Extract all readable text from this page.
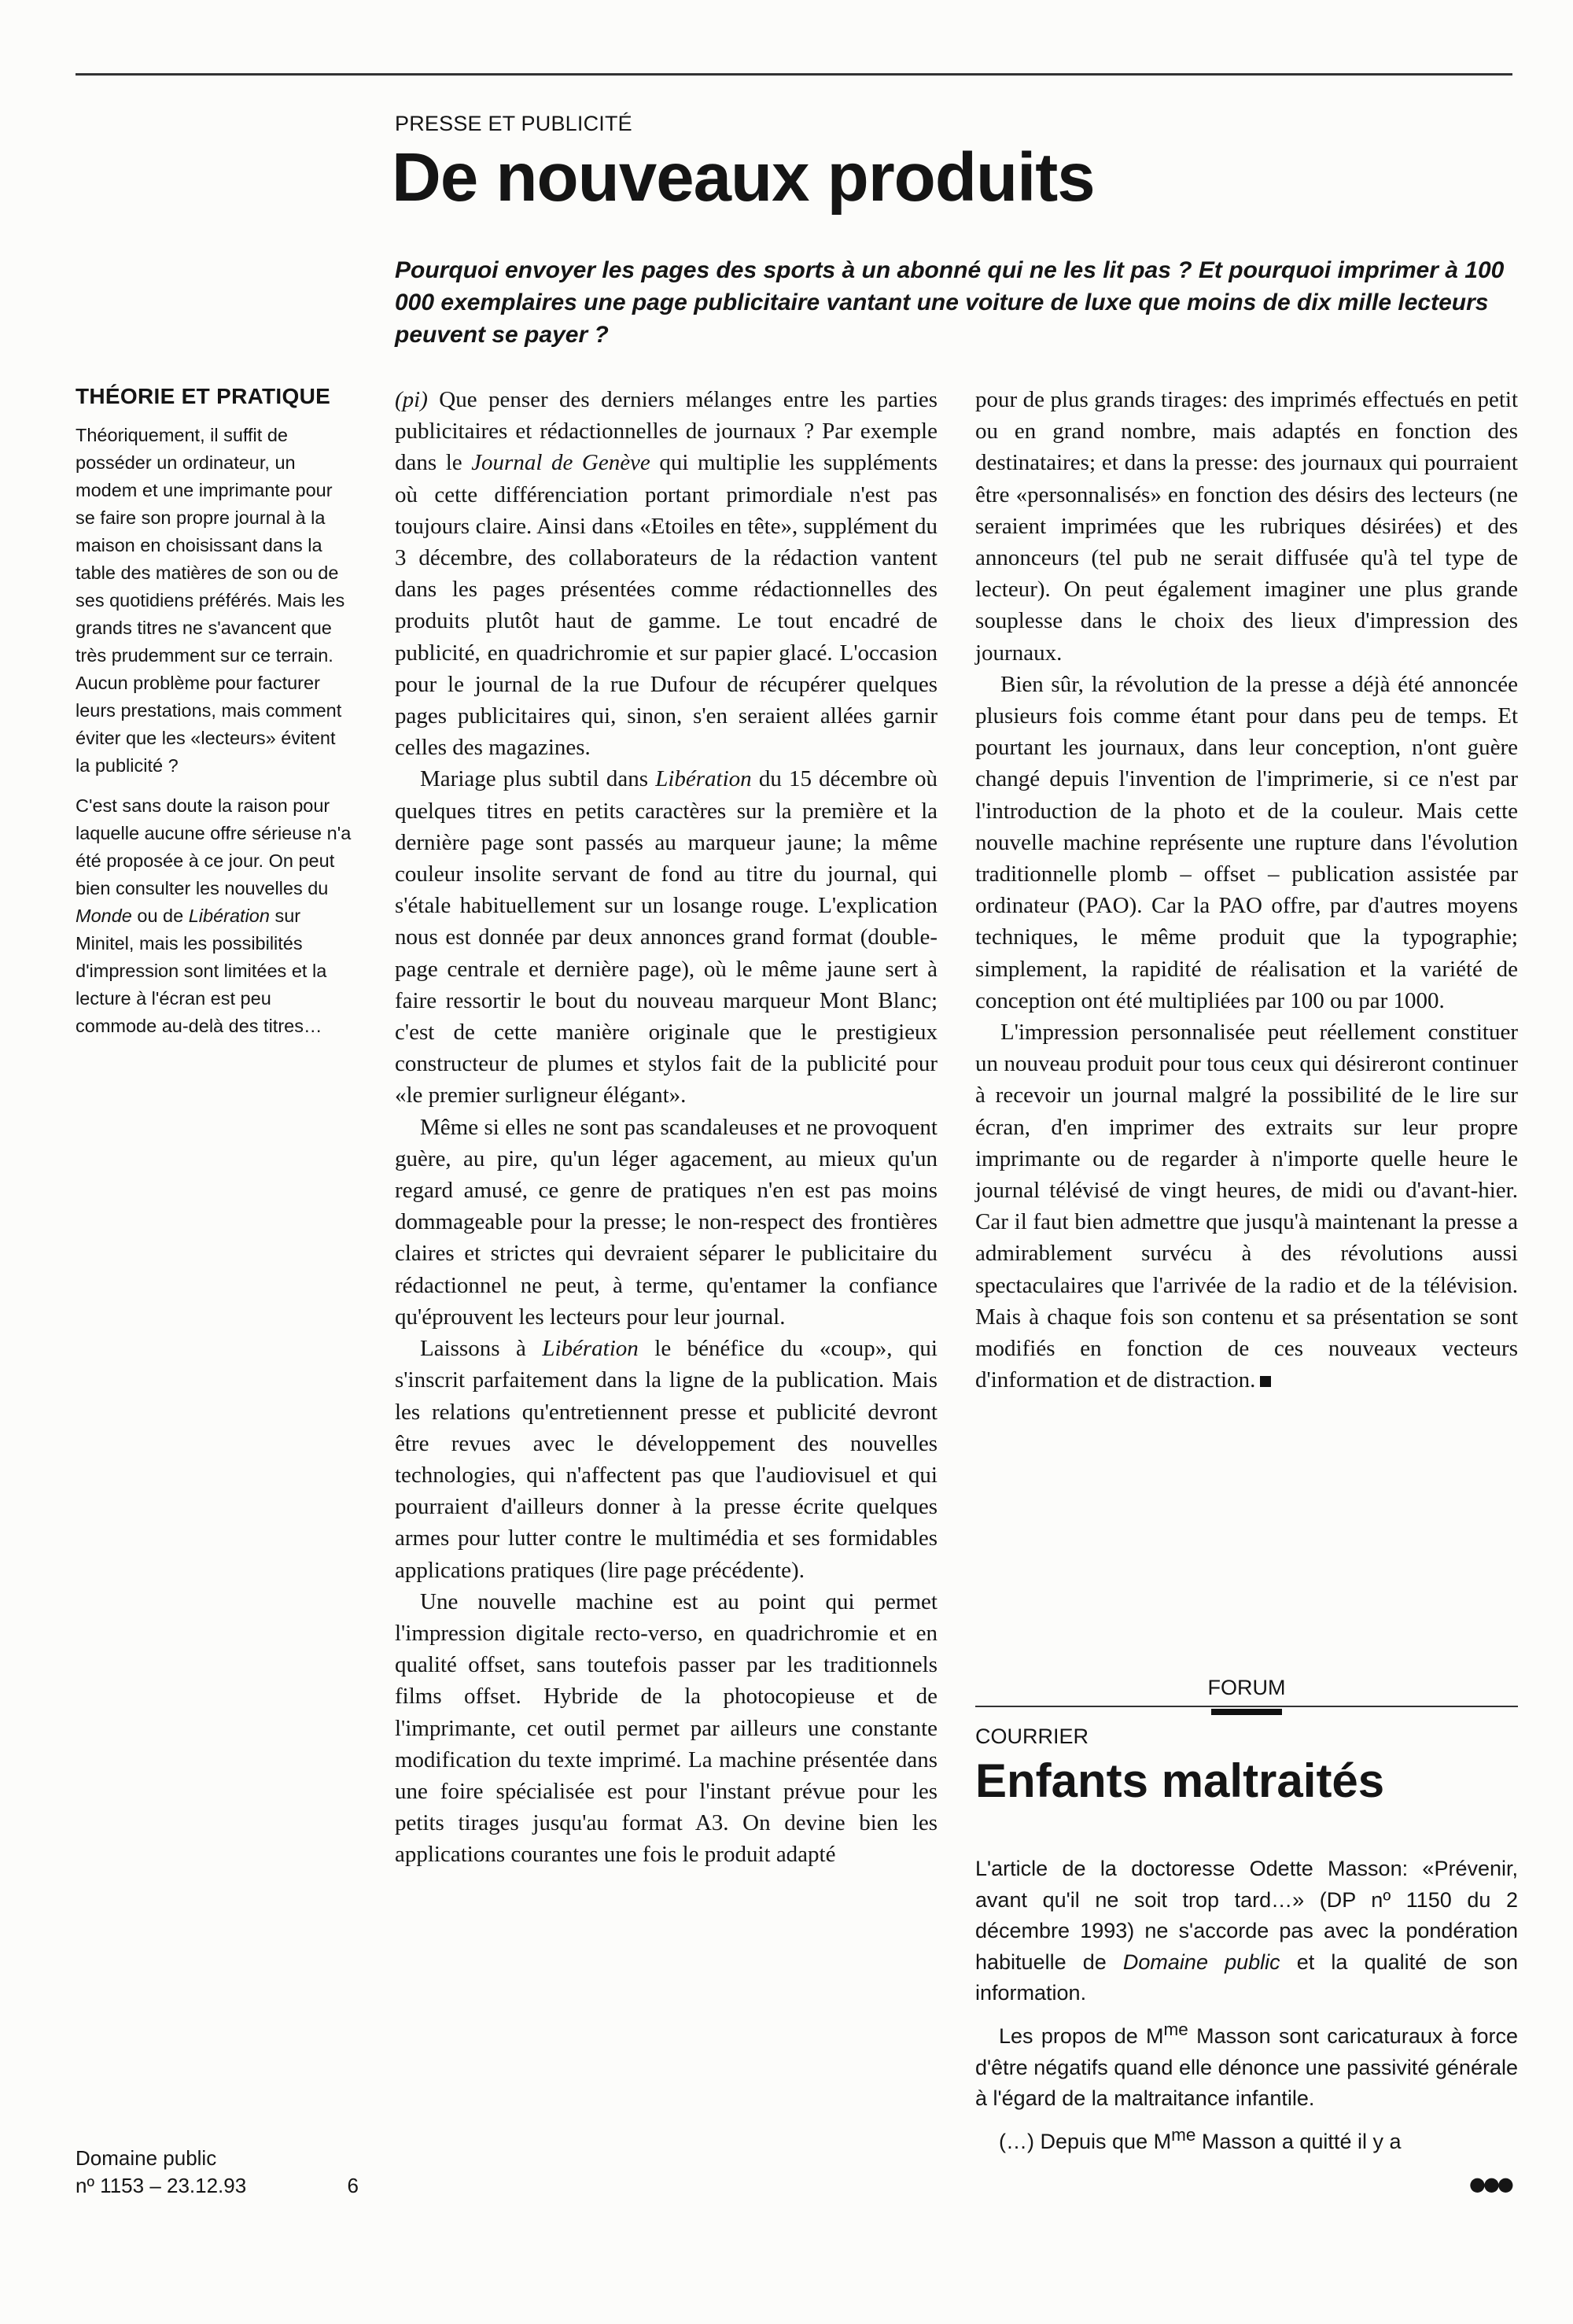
PRESSE ET PUBLICITÉ
De nouveaux produits

Pourquoi envoyer les pages des sports à un abonné qui ne les lit pas ? Et pourquoi imprimer à 100 000 exemplaires une page publicitaire vantant une voiture de luxe que moins de dix mille lecteurs peuvent se payer ?

THÉORIE ET PRATIQUE

Théoriquement, il suffit de posséder un ordinateur, un modem et une imprimante pour se faire son propre journal à la maison en choisissant dans la table des matières de son ou de ses quotidiens préférés. Mais les grands titres ne s'avancent que très prudemment sur ce terrain. Aucun problème pour facturer leurs prestations, mais comment éviter que les «lecteurs» évitent la publicité ?

C'est sans doute la raison pour laquelle aucune offre sérieuse n'a été proposée à ce jour. On peut bien consulter les nouvelles du Monde ou de Libération sur Minitel, mais les possibilités d'impression sont limitées et la lecture à l'écran est peu commode au-delà des titres…

Domaine public
nº 1153 – 23.12.93	6

(pi) Que penser des derniers mélanges entre les parties publicitaires et rédactionnelles de journaux ? Par exemple dans le Journal de Genève qui multiplie les suppléments où cette différenciation portant primordiale n'est pas toujours claire. Ainsi dans «Etoiles en tête», supplément du 3 décembre, des collaborateurs de la rédaction vantent dans les pages présentées comme rédactionnelles des produits plutôt haut de gamme. Le tout encadré de publicité, en quadrichromie et sur papier glacé. L'occasion pour le journal de la rue Dufour de récupérer quelques pages publicitaires qui, sinon, s'en seraient allées garnir celles des magazines.

Mariage plus subtil dans Libération du 15 décembre où quelques titres en petits caractères sur la première et la dernière page sont passés au marqueur jaune; la même couleur insolite servant de fond au titre du journal, qui s'étale habituellement sur un losange rouge. L'explication nous est donnée par deux annonces grand format (double-page centrale et dernière page), où le même jaune sert à faire ressortir le bout du nouveau marqueur Mont Blanc; c'est de cette manière originale que le prestigieux constructeur de plumes et stylos fait de la publicité pour «le premier surligneur élégant».

Même si elles ne sont pas scandaleuses et ne provoquent guère, au pire, qu'un léger agacement, au mieux qu'un regard amusé, ce genre de pratiques n'en est pas moins dommageable pour la presse; le non-respect des frontières claires et strictes qui devraient séparer le publicitaire du rédactionnel ne peut, à terme, qu'entamer la confiance qu'éprouvent les lecteurs pour leur journal.

Laissons à Libération le bénéfice du «coup», qui s'inscrit parfaitement dans la ligne de la publication. Mais les relations qu'entretiennent presse et publicité devront être revues avec le développement des nouvelles technologies, qui n'affectent pas que l'audiovisuel et qui pourraient d'ailleurs donner à la presse écrite quelques armes pour lutter contre le multimédia et ses formidables applications pratiques (lire page précédente).

Une nouvelle machine est au point qui permet l'impression digitale recto-verso, en quadrichromie et en qualité offset, sans toutefois passer par les traditionnels films offset. Hybride de la photocopieuse et de l'imprimante, cet outil permet par ailleurs une constante modification du texte imprimé. La machine présentée dans une foire spécialisée est pour l'instant prévue pour les petits tirages jusqu'au format A3. On devine bien les applications courantes une fois le produit adapté

pour de plus grands tirages: des imprimés effectués en petit ou en grand nombre, mais adaptés en fonction des destinataires; et dans la presse: des journaux qui pourraient être «personnalisés» en fonction des désirs des lecteurs (ne seraient imprimées que les rubriques désirées) et des annonceurs (tel pub ne serait diffusée qu'à tel type de lecteur). On peut également imaginer une plus grande souplesse dans le choix des lieux d'impression des journaux.

Bien sûr, la révolution de la presse a déjà été annoncée plusieurs fois comme étant pour dans peu de temps. Et pourtant les journaux, dans leur conception, n'ont guère changé depuis l'invention de l'imprimerie, si ce n'est par l'introduction de la photo et de la couleur. Mais cette nouvelle machine représente une rupture dans l'évolution traditionnelle plomb – offset – publication assistée par ordinateur (PAO). Car la PAO offre, par d'autres moyens techniques, le même produit que la typographie; simplement, la rapidité de réalisation et la variété de conception ont été multipliées par 100 ou par 1000.

L'impression personnalisée peut réellement constituer un nouveau produit pour tous ceux qui désireront continuer à recevoir un journal malgré la possibilité de le lire sur écran, d'en imprimer des extraits sur leur propre imprimante ou de regarder à n'importe quelle heure le journal télévisé de vingt heures, de midi ou d'avant-hier. Car il faut bien admettre que jusqu'à maintenant la presse a admirablement survécu à des révolutions aussi spectaculaires que l'arrivée de la radio et de la télévision. Mais à chaque fois son contenu et sa présentation se sont modifiés en fonction de ces nouveaux vecteurs d'information et de distraction.

FORUM
COURRIER
Enfants maltraités

L'article de la doctoresse Odette Masson: «Prévenir, avant qu'il ne soit trop tard…» (DP nº 1150 du 2 décembre 1993) ne s'accorde pas avec la pondération habituelle de Domaine public et la qualité de son information.

Les propos de $M^{me}$ Masson sont caricaturaux à force d'être négatifs quand elle dénonce une passivité générale à l'égard de la maltraitance infantile.

(…) Depuis que $M^{me}$ Masson a quitté il y a

●●●
